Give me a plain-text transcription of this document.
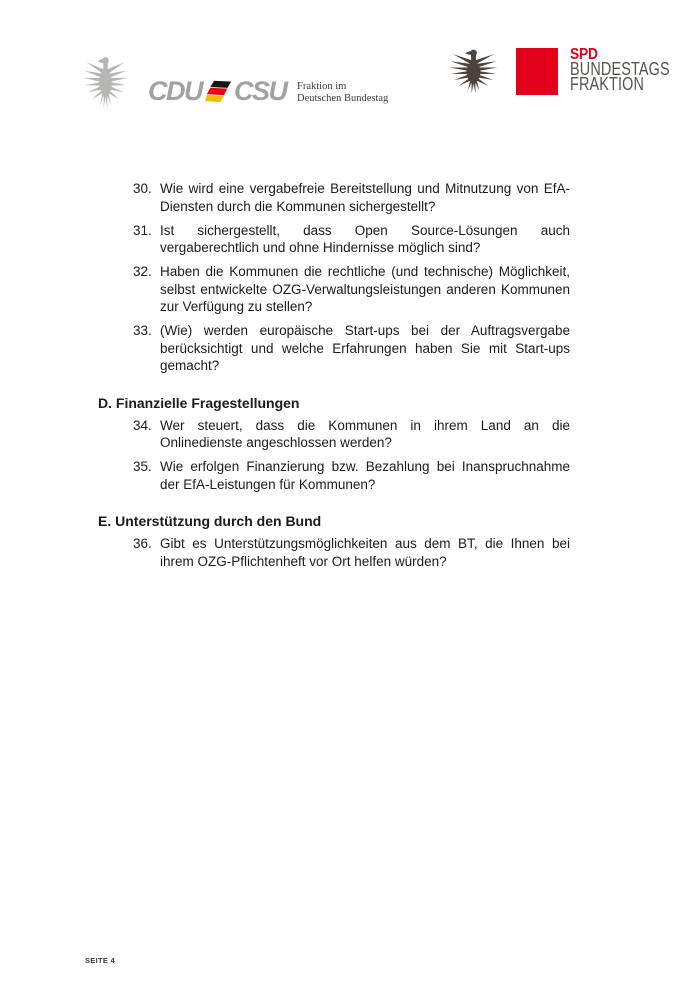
CDU CSU Fraktion im
Deutschen Bundestag
SPD
BUNDESTAGS
FRAKTION
30. Wie wird eine vergabefreie Bereitstellung und Mitnutzung von EfA-Diensten durch die Kommunen sichergestellt?
31. Ist sichergestellt, dass Open Source-Lösungen auch vergaberechtlich und ohne Hindernisse möglich sind?
32. Haben die Kommunen die rechtliche (und technische) Möglichkeit, selbst entwickelte OZG-Verwaltungsleistungen anderen Kommunen zur Verfügung zu stellen?
33. (Wie) werden europäische Start-ups bei der Auftragsvergabe berücksichtigt und welche Erfahrungen haben Sie mit Start-ups gemacht?
D. Finanzielle Fragestellungen
34. Wer steuert, dass die Kommunen in ihrem Land an die Onlinedienste angeschlossen werden?
35. Wie erfolgen Finanzierung bzw. Bezahlung bei Inanspruchnahme der EfA-Leistungen für Kommunen?
E. Unterstützung durch den Bund
36. Gibt es Unterstützungsmöglichkeiten aus dem BT, die Ihnen bei ihrem OZG-Pflichtenheft vor Ort helfen würden?
SEITE 4
